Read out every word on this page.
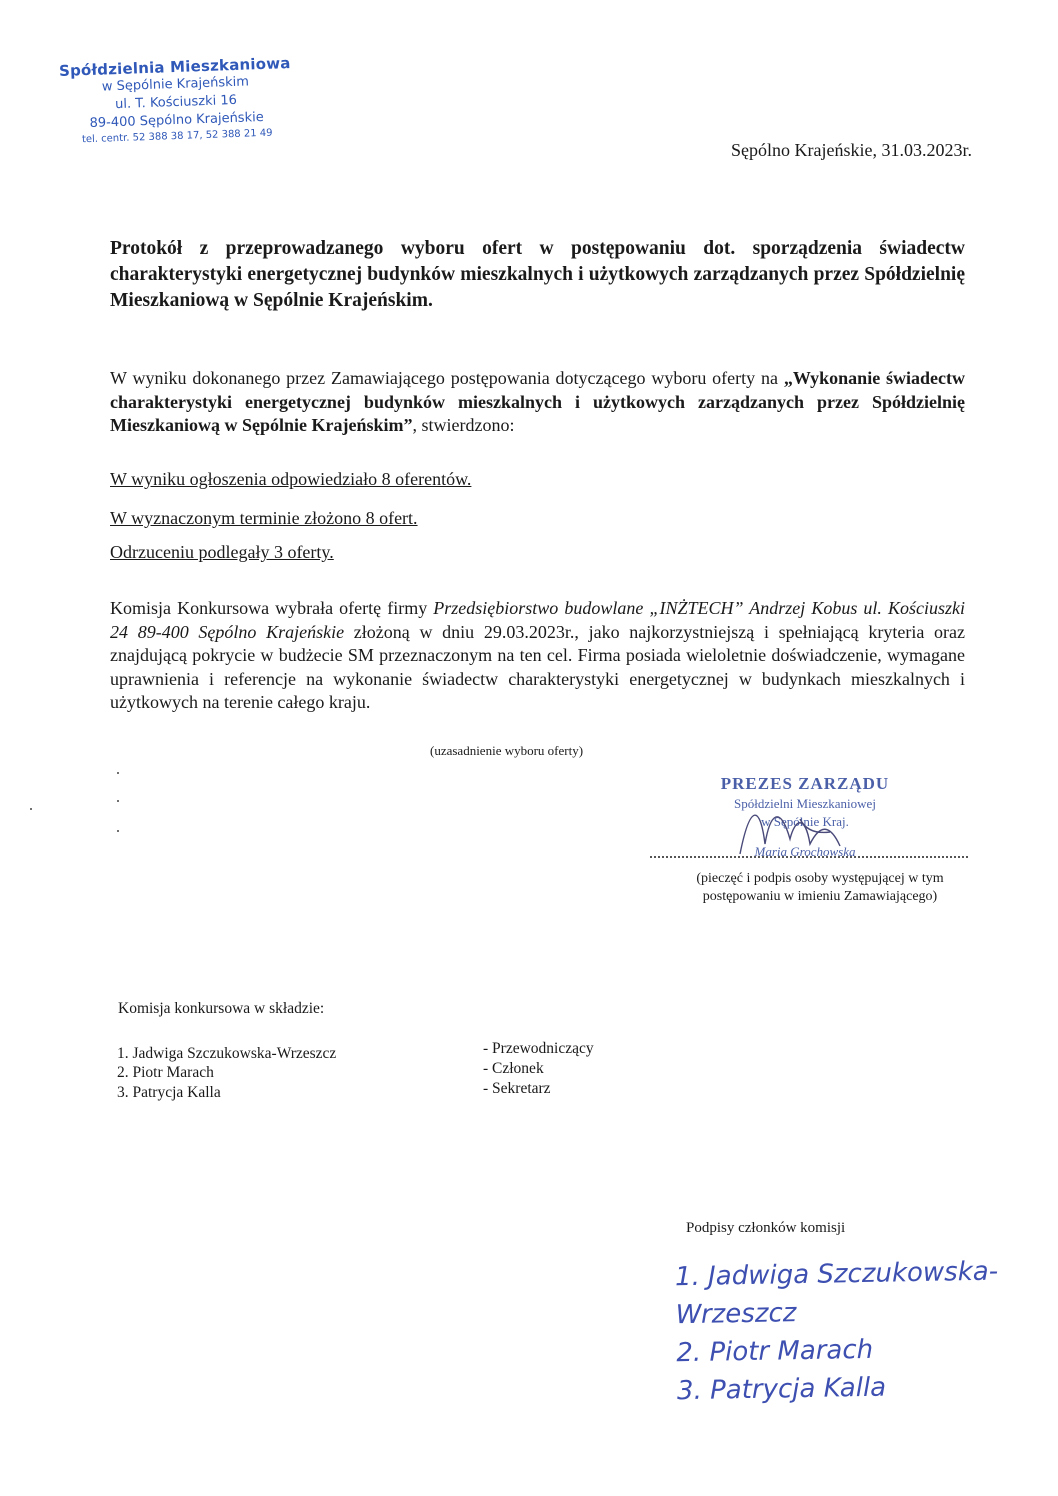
Spółdzielnia Mieszkaniowa
w Sępólnie Krajeńskim
ul. T. Kościuszki 16
89-400 Sępólno Krajeńskie
tel. centr. 52 388 38 17, 52 388 21 49
Sępólno Krajeńskie, 31.03.2023r.
Protokół z przeprowadzanego wyboru ofert w postępowaniu dot. sporządzenia świadectw charakterystyki energetycznej budynków mieszkalnych i użytkowych zarządzanych przez Spółdzielnię Mieszkaniową w Sępólnie Krajeńskim.
W wyniku dokonanego przez Zamawiającego postępowania dotyczącego wyboru oferty na „Wykonanie świadectw charakterystyki energetycznej budynków mieszkalnych i użytkowych zarządzanych przez Spółdzielnię Mieszkaniową w Sępólnie Krajeńskim”, stwierdzono:
W wyniku ogłoszenia odpowiedziało 8 oferentów.
W wyznaczonym terminie złożono 8 ofert.
Odrzuceniu podlegały 3 oferty.
Komisja Konkursowa wybrała ofertę firmy Przedsiębiorstwo budowlane „INŻTECH” Andrzej Kobus ul. Kościuszki 24 89-400 Sępólno Krajeńskie złożoną w dniu 29.03.2023r., jako najkorzystniejszą i spełniającą kryteria oraz znajdującą pokrycie w budżecie SM przeznaczonym na ten cel. Firma posiada wieloletnie doświadczenie, wymagane uprawnienia i referencje na wykonanie świadectw charakterystyki energetycznej w budynkach mieszkalnych i użytkowych na terenie całego kraju.
(uzasadnienie wyboru oferty)
PREZES ZARZĄDU
Spółdzielni Mieszkaniowej
w Sępólnie Kraj.
Maria Grochowska
(pieczęć i podpis osoby występującej w tym
postępowaniu w imieniu Zamawiającego)
Komisja konkursowa w składzie:
1. Jadwiga Szczukowska-Wrzeszcz	- Przewodniczący
2. Piotr Marach	- Członek
3. Patrycja Kalla	- Sekretarz
Podpisy członków komisji
1. Jadwiga Szczukowska-Wrzeszcz
2. Piotr Marach
3. Patrycja Kalla
